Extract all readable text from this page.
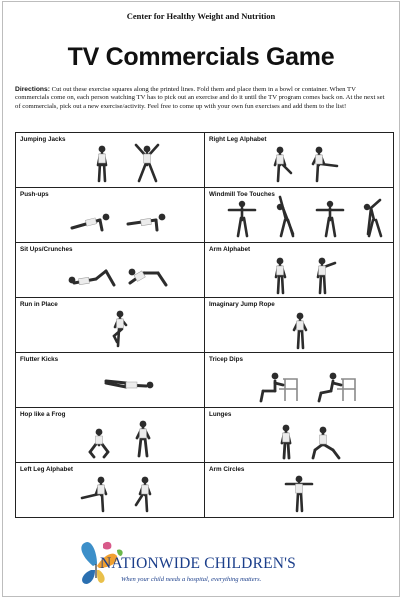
Center for Healthy Weight and Nutrition
TV Commercials Game
Directions: Cut out these exercise squares along the printed lines. Fold them and place them in a bowl or container. When TV commercials come on, each person watching TV has to pick out an exercise and do it until the TV program comes back on. At the next set of commercials, pick out a new exercise/activity. Feel free to come up with your own fun exercises and add them to the list!
Jumping Jacks	Right Leg Alphabet
Push-ups	Windmill Toe Touches
Sit Ups/Crunches	Arm Alphabet
Run in Place	Imaginary Jump Rope
Flutter Kicks	Tricep Dips
Hop like a Frog	Lunges
Left Leg Alphabet	Arm Circles
NATIONWIDE CHILDREN'S
When your child needs a hospital, everything matters.
